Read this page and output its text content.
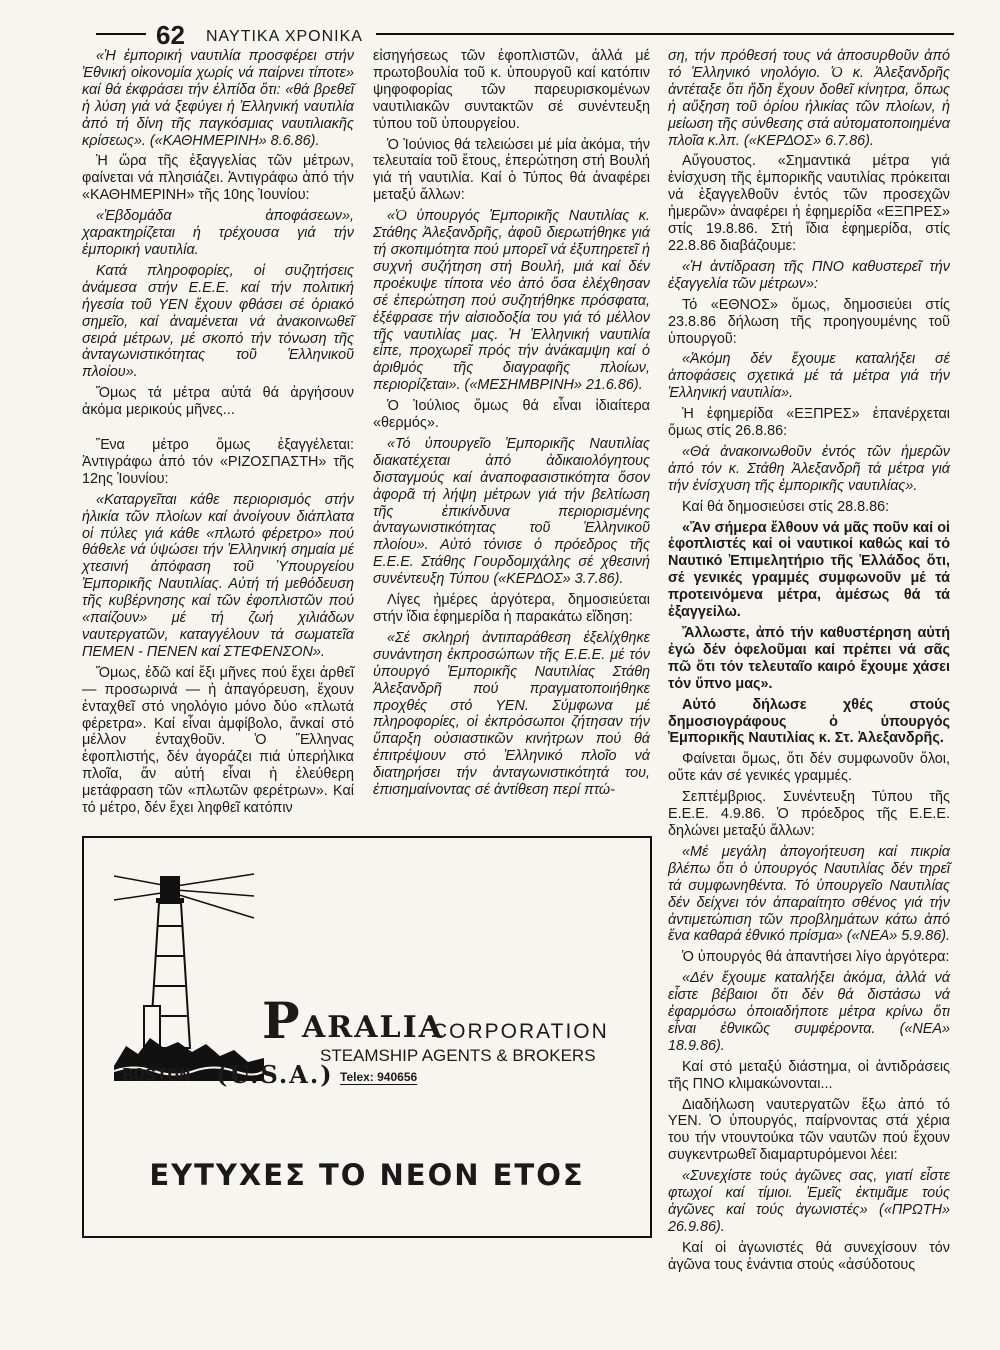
62 ΝΑΥΤΙΚΑ ΧΡΟΝΙΚΑ

«Ἡ ἐμπορική ναυτιλία προσφέρει στήν Ἐθνική οἰκονομία χωρίς νά παίρνει τίποτε» καί θά ἐκφράσει τήν ἐλπίδα ὅτι: «θά βρεθεῖ ἡ λύση γιά νά ξεφύγει ἡ Ἑλληνική ναυτιλία ἀπό τή δίνη τῆς παγκόσμιας ναυτιλιακῆς κρίσεως». («ΚΑΘΗΜΕΡΙΝΗ» 8.6.86).

Ἡ ὥρα τῆς ἐξαγγελίας τῶν μέτρων, φαίνεται νά πλησιάζει. Ἀντιγράφω ἀπό τήν «ΚΑΘΗΜΕΡΙΝΗ» τῆς 10ης Ἰουνίου:

«Ἑβδομάδα ἀποφάσεων», χαρακτηρίζεται ἡ τρέχουσα γιά τήν ἐμπορική ναυτιλία.

Κατά πληροφορίες, οἱ συζητήσεις ἀνάμεσα στήν Ε.Ε.Ε. καί τήν πολιτική ἡγεσία τοῦ ΥΕΝ ἔχουν φθάσει σέ ὁριακό σημεῖο, καί ἀναμένεται νά ἀνακοινωθεῖ σειρά μέτρων, μέ σκοπό τήν τόνωση τῆς ἀνταγωνιστικότητας τοῦ Ἑλληνικοῦ πλοίου».

Ὅμως τά μέτρα αὐτά θά ἀργήσουν ἀκόμα μερικούς μῆνες...

Ἕνα μέτρο ὅμως ἐξαγγέλεται: Ἀντιγράφω ἀπό τόν «ΡΙΖΟΣΠΑΣΤΗ» τῆς 12ης Ἰουνίου:

«Καταργεῖται κάθε περιορισμός στήν ἡλικία τῶν πλοίων καί ἀνοίγουν διάπλατα οἱ πύλες γιά κάθε «πλωτό φέρετρο» πού θάθελε νά ὑψώσει τήν Ἑλληνική σημαία μέ χτεσινή ἀπόφαση τοῦ Ὑπουργείου Ἐμπορικῆς Ναυτιλίας. Αὐτή τή μεθόδευση τῆς κυβέρνησης καί τῶν ἐφοπλιστῶν πού «παίζουν» μέ τή ζωή χιλιάδων ναυτεργατῶν, καταγγέλουν τά σωματεῖα ΠΕΜΕΝ - ΠΕΝΕΝ καί ΣΤΕΦΕΝΣΟΝ».

Ὅμως, ἐδῶ καί ἔξι μῆνες πού ἔχει ἀρθεῖ — προσωρινά — ἡ ἀπαγόρευση, ἔχουν ἐνταχθεῖ στό νηολόγιο μόνο δύο «πλωτά φέρετρα». Καί εἶναι ἀμφίβολο, ἄνκαί στό μέλλον ἐνταχθοῦν. Ὁ Ἕλληνας ἐφοπλιστής, δέν ἀγοράζει πιά ὑπερήλικα πλοῖα, ἄν αὐτή εἶναι ἡ ἐλεύθερη μετάφραση τῶν «πλωτῶν φερέτρων». Καί τό μέτρο, δέν ἔχει ληφθεῖ κατόπιν

εἰσηγήσεως τῶν ἐφοπλιστῶν, ἀλλά μέ πρωτοβουλία τοῦ κ. ὑπουργοῦ καί κατόπιν ψηφοφορίας τῶν παρευρισκομένων ναυτιλιακῶν συντακτῶν σέ συνέντευξη τύπου τοῦ ὑπουργείου.

Ὁ Ἰούνιος θά τελειώσει μέ μία ἀκόμα, τήν τελευταία τοῦ ἔτους, ἐπερώτηση στή Βουλή γιά τή ναυτιλία. Καί ὁ Τύπος θά ἀναφέρει μεταξύ ἄλλων:

«Ὁ ὑπουργός Ἐμπορικῆς Ναυτιλίας κ. Στάθης Ἀλεξανδρῆς, ἀφοῦ διερωτήθηκε γιά τή σκοπιμότητα πού μπορεῖ νά ἐξυπηρετεῖ ἡ συχνή συζήτηση στή Βουλή, μιά καί δέν προέκυψε τίποτα νέο ἀπό ὅσα ἐλέχθησαν σέ ἐπερώτηση πού συζητήθηκε πρόσφατα, ἐξέφρασε τήν αἰσιοδοξία του γιά τό μέλλον τῆς ναυτιλίας μας. Ἡ Ἑλληνική ναυτιλία εἶπε, προχωρεῖ πρός τήν ἀνάκαμψη καί ὁ ἀριθμός τῆς διαγραφῆς πλοίων, περιορίζεται». («ΜΕΣΗΜΒΡΙΝΗ» 21.6.86).

Ὁ Ἰούλιος ὅμως θά εἶναι ἰδιαίτερα «θερμός».

«Τό ὑπουργεῖο Ἐμπορικῆς Ναυτιλίας διακατέχεται ἀπό ἀδικαιολόγητους δισταγμούς καί ἀναποφασιστικότητα ὅσον ἀφορᾶ τή λήψη μέτρων γιά τήν βελτίωση τῆς ἐπικίνδυνα περιορισμένης ἀνταγωνιστικότητας τοῦ Ἑλληνικοῦ πλοίου». Αὐτό τόνισε ὁ πρόεδρος τῆς Ε.Ε.Ε. Στάθης Γουρδομιχάλης σέ χθεσινή συνέντευξη Τύπου («ΚΕΡΔΟΣ» 3.7.86).

Λίγες ἡμέρες ἀργότερα, δημοσιεύεται στήν ἴδια ἐφημερίδα ἡ παρακάτω εἴδηση:

«Σέ σκληρή ἀντιπαράθεση ἐξελίχθηκε συνάντηση ἐκπροσώπων τῆς Ε.Ε.Ε. μέ τόν ὑπουργό Ἐμπορικῆς Ναυτιλίας Στάθη Ἀλεξανδρῆ πού πραγματοποιήθηκε προχθές στό ΥΕΝ. Σύμφωνα μέ πληροφορίες, οἱ ἐκπρόσωποι ζήτησαν τήν ὕπαρξη οὐσιαστικῶν κινήτρων πού θά ἐπιτρέψουν στό Ἑλληνικό πλοῖο νά διατηρήσει τήν ἀνταγωνιστικότητά του, ἐπισημαίνοντας σέ ἀντίθεση περί πτώ-

ση, τήν πρόθεσή τους νά ἀποσυρθοῦν ἀπό τό Ἑλληνικό νηολόγιο. Ὁ κ. Ἀλεξανδρῆς ἀντέταξε ὅτι ἤδη ἔχουν δοθεῖ κίνητρα, ὅπως ἡ αὔξηση τοῦ ὁρίου ἡλικίας τῶν πλοίων, ἡ μείωση τῆς σύνθεσης στά αὐτοματοποιημένα πλοῖα κ.λπ. («ΚΕΡΔΟΣ» 6.7.86).

Αὔγουστος. «Σημαντικά μέτρα γιά ἐνίσχυση τῆς ἐμπορικῆς ναυτιλίας πρόκειται νά ἐξαγγελθοῦν ἐντός τῶν προσεχῶν ἡμερῶν» ἀναφέρει ἡ ἐφημερίδα «ΕΞΠΡΕΣ» στίς 19.8.86. Στή ἴδια ἐφημερίδα, στίς 22.8.86 διαβάζουμε:

«Ἡ ἀντίδραση τῆς ΠΝΟ καθυστερεῖ τήν ἐξαγγελία τῶν μέτρων»:

Τό «ΕΘΝΟΣ» ὅμως, δημοσιεύει στίς 23.8.86 δήλωση τῆς προηγουμένης τοῦ ὑπουργοῦ:

«Ἀκόμη δέν ἔχουμε καταλήξει σέ ἀποφάσεις σχετικά μέ τά μέτρα γιά τήν Ἑλληνική ναυτιλία».

Ἡ ἐφημερίδα «ΕΞΠΡΕΣ» ἐπανέρχεται ὅμως στίς 26.8.86:

«Θά ἀνακοινωθοῦν ἐντός τῶν ἡμερῶν ἀπό τόν κ. Στάθη Ἀλεξανδρῆ τά μέτρα γιά τήν ἐνίσχυση τῆς ἐμπορικῆς ναυτιλίας».

Καί θά δημοσιεύσει στίς 28.8.86:

«Ἄν σήμερα ἔλθουν νά μᾶς ποῦν καί οἱ ἐφοπλιστές καί οἱ ναυτικοί καθώς καί τό Ναυτικό Ἐπιμελητήριο τῆς Ἑλλάδος ὅτι, σέ γενικές γραμμές συμφωνοῦν μέ τά προτεινόμενα μέτρα, ἀμέσως θά τά ἐξαγγείλω.

Ἄλλωστε, ἀπό τήν καθυστέρηση αὐτή ἐγώ δέν ὀφελοῦμαι καί πρέπει νά σᾶς πῶ ὅτι τόν τελευταῖο καιρό ἔχουμε χάσει τόν ὕπνο μας».

Αὐτό δήλωσε χθές στούς δημοσιογράφους ὁ ὑπουργός Ἐμπορικῆς Ναυτιλίας κ. Στ. Ἀλεξανδρῆς.

Φαίνεται ὅμως, ὅτι δέν συμφωνοῦν ὅλοι, οὔτε κάν σέ γενικές γραμμές.

Σεπτέμβριος. Συνέντευξη Τύπου τῆς Ε.Ε.Ε. 4.9.86. Ὁ πρόεδρος τῆς Ε.Ε.Ε. δηλώνει μεταξύ ἄλλων:

«Μέ μεγάλη ἀπογοήτευση καί πικρία βλέπω ὅτι ὁ ὑπουργός Ναυτιλίας δέν τηρεῖ τά συμφωνηθέντα. Τό ὑπουργεῖο Ναυτιλίας δέν δείχνει τόν ἀπαραίτητο σθένος γιά τήν ἀντιμετώπιση τῶν προβλημάτων κάτω ἀπό ἕνα καθαρά ἐθνικό πρίσμα» («ΝΕΑ» 5.9.86).

Ὁ ὑπουργός θά ἀπαντήσει λίγο ἀργότερα:

«Δέν ἔχουμε καταλήξει ἀκόμα, ἀλλά νά εἶστε βέβαιοι ὅτι δέν θά διστάσω νά ἐφαρμόσω ὁποιαδήποτε μέτρα κρίνω ὅτι εἶναι ἐθνικῶς συμφέροντα. («ΝΕΑ» 18.9.86).

Καί στό μεταξύ διάστημα, οἱ ἀντιδράσεις τῆς ΠΝΟ κλιμακώνονται...

Διαδήλωση ναυτεργατῶν ἔξω ἀπό τό ΥΕΝ. Ὁ ὑπουργός, παίρνοντας στά χέρια του τήν ντουντούκα τῶν ναυτῶν πού ἔχουν συγκεντρωθεῖ διαμαρτυρόμενοι λέει:

«Συνεχίστε τούς ἀγῶνες σας, γιατί εἶστε φτωχοί καί τίμιοι. Ἐμεῖς ἐκτιμᾶμε τούς ἀγῶνες καί τούς ἀγωνιστές» («ΠΡΩΤΗ» 26.9.86).

Καί οἱ ἀγωνιστές θά συνεχίσουν τόν ἀγῶνα τους ἐνάντια στούς «ἀσύδοτους

P ARALIA
CORPORATION
STEAMSHIP AGENTS & BROKERS
BOSTON (U.S.A.) Telex: 940656
ΕΥΤΥΧΕΣ ΤΟ ΝΕΟΝ ΕΤΟΣ
